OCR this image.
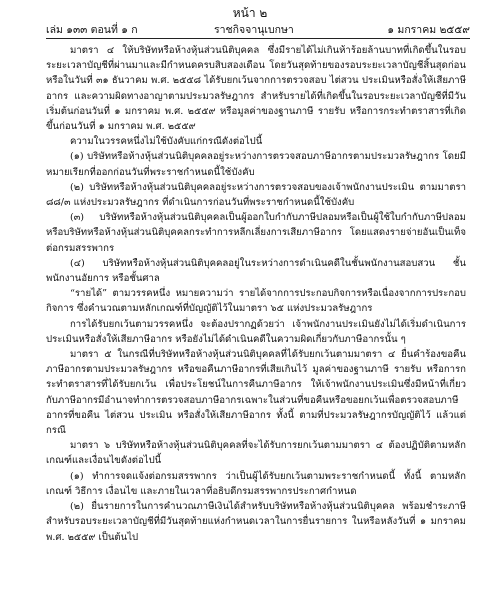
หน้า ๒
เล่ม ๑๓๓ ตอนที่ ๑ ก	ราชกิจจานุเบกษา	๑ มกราคม ๒๕๕๙

มาตรา ๔ ให้บริษัทหรือห้างหุ้นส่วนนิติบุคคล ซึ่งมีรายได้ไม่เกินห้าร้อยล้านบาทที่เกิดขึ้นในรอบระยะเวลาบัญชีที่ผ่านมาและมีกำหนดครบสิบสองเดือน โดยวันสุดท้ายของรอบระยะเวลาบัญชีสิ้นสุดก่อนหรือในวันที่ ๓๑ ธันวาคม พ.ศ. ๒๕๕๘ ได้รับยกเว้นจากการตรวจสอบ ไต่สวน ประเมินหรือสั่งให้เสียภาษีอากร และความผิดทางอาญาตามประมวลรัษฎากร สำหรับรายได้ที่เกิดขึ้นในรอบระยะเวลาบัญชีที่มีวันเริ่มต้นก่อนวันที่ ๑ มกราคม พ.ศ. ๒๕๕๙ หรือมูลค่าของฐานภาษี รายรับ หรือการกระทำตราสารที่เกิดขึ้นก่อนวันที่ ๑ มกราคม พ.ศ. ๒๕๕๙

ความในวรรคหนึ่งไม่ใช้บังคับแก่กรณีดังต่อไปนี้

(๑) บริษัทหรือห้างหุ้นส่วนนิติบุคคลอยู่ระหว่างการตรวจสอบภาษีอากรตามประมวลรัษฎากร โดยมีหมายเรียกที่ออกก่อนวันที่พระราชกำหนดนี้ใช้บังคับ

(๒) บริษัทหรือห้างหุ้นส่วนนิติบุคคลอยู่ระหว่างการตรวจสอบของเจ้าพนักงานประเมิน ตามมาตรา ๘๘/๓ แห่งประมวลรัษฎากร ที่ดำเนินการก่อนวันที่พระราชกำหนดนี้ใช้บังคับ

(๓) บริษัทหรือห้างหุ้นส่วนนิติบุคคลเป็นผู้ออกใบกำกับภาษีปลอมหรือเป็นผู้ใช้ใบกำกับภาษีปลอม หรือบริษัทหรือห้างหุ้นส่วนนิติบุคคลกระทำการหลีกเลี่ยงการเสียภาษีอากร โดยแสดงรายจ่ายอันเป็นเท็จต่อกรมสรรพากร

(๔) บริษัทหรือห้างหุ้นส่วนนิติบุคคลอยู่ในระหว่างการดำเนินคดีในชั้นพนักงานสอบสวน ชั้นพนักงานอัยการ หรือชั้นศาล

“รายได้” ตามวรรคหนึ่ง หมายความว่า รายได้จากการประกอบกิจการหรือเนื่องจากการประกอบกิจการ ซึ่งคำนวณตามหลักเกณฑ์ที่บัญญัติไว้ในมาตรา ๖๕ แห่งประมวลรัษฎากร

การได้รับยกเว้นตามวรรคหนึ่ง จะต้องปรากฏด้วยว่า เจ้าพนักงานประเมินยังไม่ได้เริ่มดำเนินการประเมินหรือสั่งให้เสียภาษีอากร หรือยังไม่ได้ดำเนินคดีในความผิดเกี่ยวกับภาษีอากรนั้น ๆ

มาตรา ๕ ในกรณีที่บริษัทหรือห้างหุ้นส่วนนิติบุคคลที่ได้รับยกเว้นตามมาตรา ๔ ยื่นคำร้องขอคืนภาษีอากรตามประมวลรัษฎากร หรือขอคืนภาษีอากรที่เสียเกินไว้ มูลค่าของฐานภาษี รายรับ หรือการกระทำตราสารที่ได้รับยกเว้น เพื่อประโยชน์ในการคืนภาษีอากร ให้เจ้าพนักงานประเมินซึ่งมีหน้าที่เกี่ยวกับภาษีอากรมีอำนาจทำการตรวจสอบภาษีอากรเฉพาะในส่วนที่ขอคืนหรือขอยกเว้นเพื่อตรวจสอบภาษีอากรที่ขอคืน ไต่สวน ประเมิน หรือสั่งให้เสียภาษีอากร ทั้งนี้ ตามที่ประมวลรัษฎากรบัญญัติไว้ แล้วแต่กรณี

มาตรา ๖ บริษัทหรือห้างหุ้นส่วนนิติบุคคลที่จะได้รับการยกเว้นตามมาตรา ๔ ต้องปฏิบัติตามหลักเกณฑ์และเงื่อนไขดังต่อไปนี้

(๑) ทำการจดแจ้งต่อกรมสรรพากร ว่าเป็นผู้ได้รับยกเว้นตามพระราชกำหนดนี้ ทั้งนี้ ตามหลักเกณฑ์ วิธีการ เงื่อนไข และภายในเวลาที่อธิบดีกรมสรรพากรประกาศกำหนด

(๒) ยื่นรายการในการคำนวณภาษีเงินได้สำหรับบริษัทหรือห้างหุ้นส่วนนิติบุคคล พร้อมชำระภาษีสำหรับรอบระยะเวลาบัญชีที่มีวันสุดท้ายแห่งกำหนดเวลาในการยื่นรายการ ในหรือหลังวันที่ ๑ มกราคม พ.ศ. ๒๕๕๙ เป็นต้นไป
